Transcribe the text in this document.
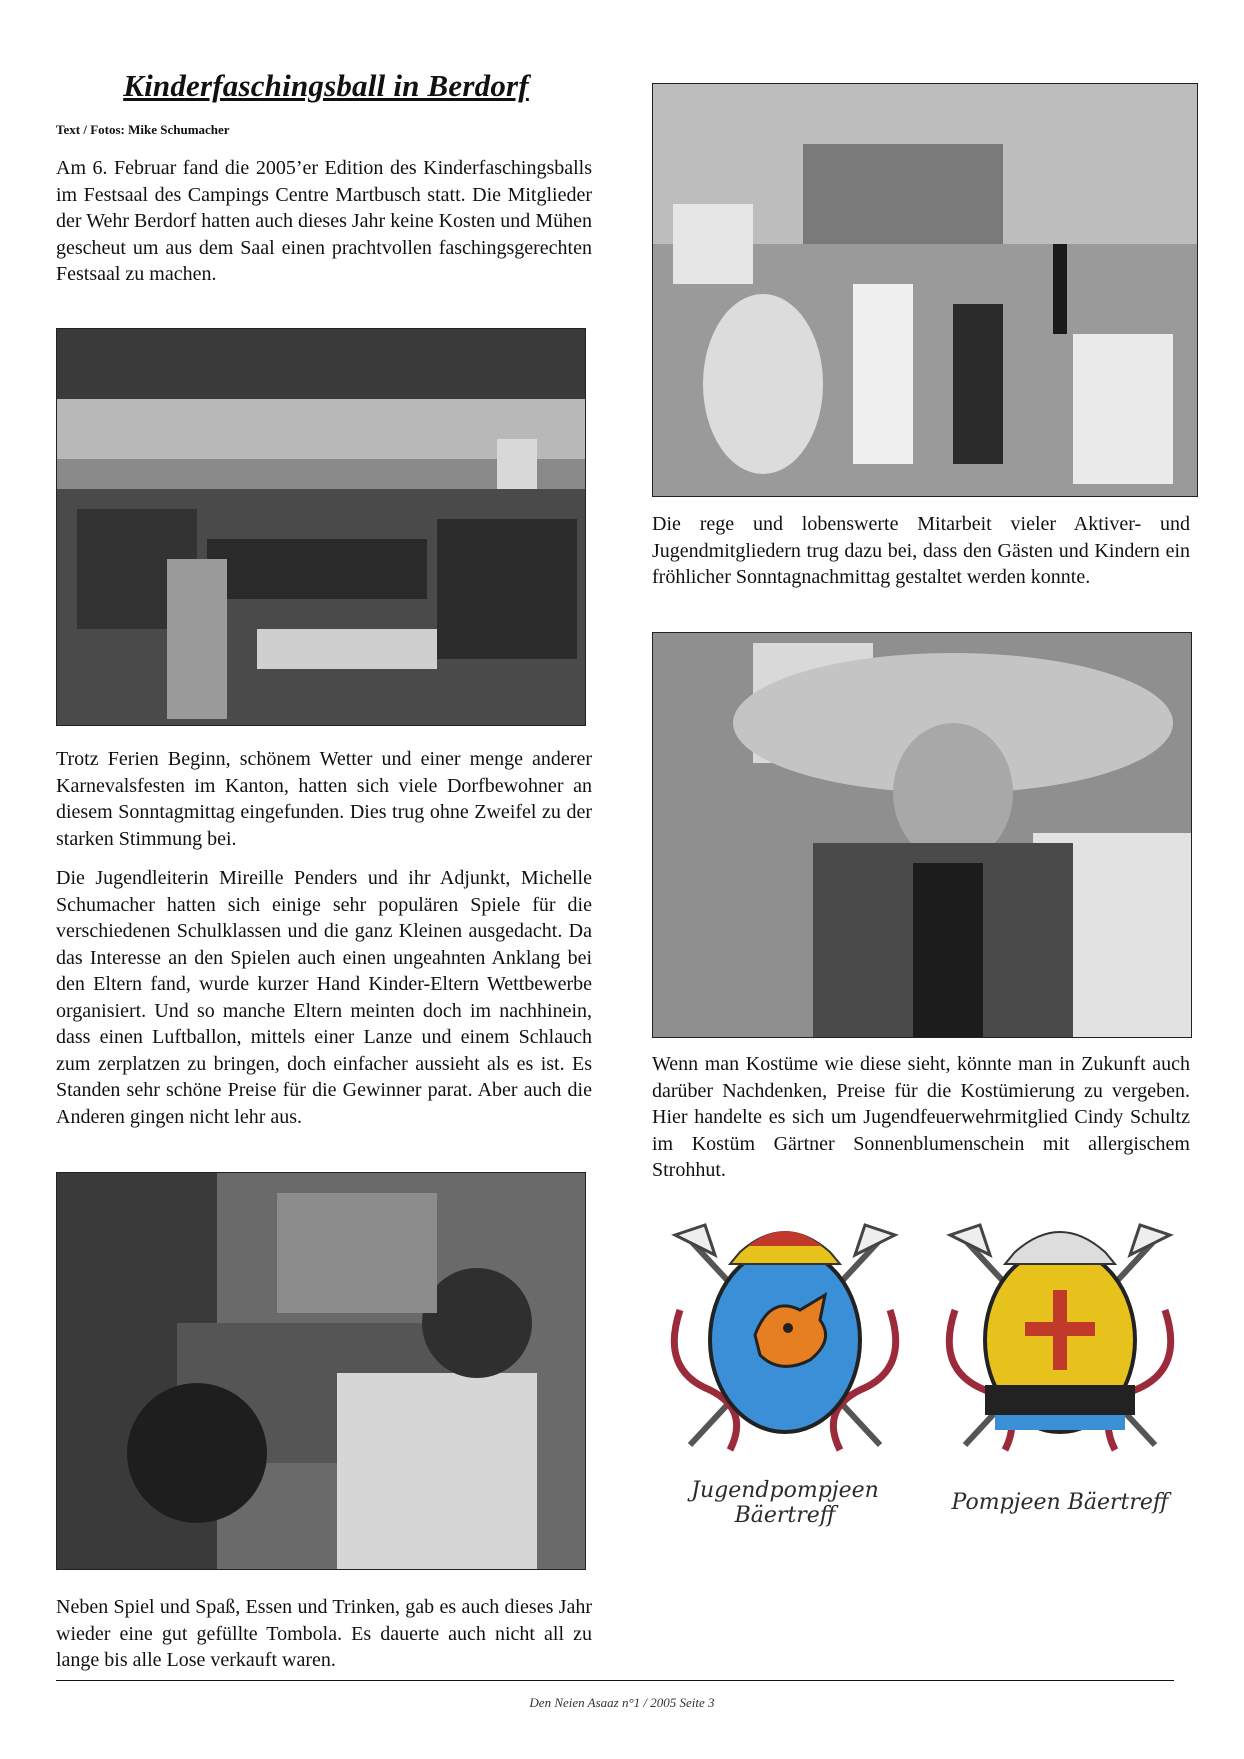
Kinderfaschingsball in Berdorf
Text / Fotos: Mike Schumacher

Am 6. Februar fand die 2005’er Edition des Kinderfaschingsballs im Festsaal des Campings Centre Martbusch statt. Die Mitglieder der Wehr Berdorf hatten auch dieses Jahr keine Kosten und Mühen gescheut um aus dem Saal einen prachtvollen faschingsgerechten Festsaal zu machen.

Trotz Ferien Beginn, schönem Wetter und einer menge anderer Karnevalsfesten im Kanton, hatten sich viele Dorfbewohner an diesem Sonntagmittag eingefunden. Dies trug ohne Zweifel zu der starken Stimmung bei.

Die Jugendleiterin Mireille Penders und ihr Adjunkt, Michelle Schumacher hatten sich einige sehr populären Spiele für die verschiedenen Schulklassen und die ganz Kleinen ausgedacht. Da das Interesse an den Spielen auch einen ungeahnten Anklang bei den Eltern fand, wurde kurzer Hand Kinder-Eltern Wettbewerbe organisiert. Und so manche Eltern meinten doch im nachhinein, dass einen Luftballon, mittels einer Lanze und einem Schlauch zum zerplatzen zu bringen, doch einfacher aussieht als es ist. Es Standen sehr schöne Preise für die Gewinner parat. Aber auch die Anderen gingen nicht lehr aus.

Neben Spiel und Spaß, Essen und Trinken, gab es auch dieses Jahr wieder eine gut gefüllte Tombola. Es dauerte auch nicht all zu lange bis alle Lose verkauft waren.

Die rege und lobenswerte Mitarbeit vieler Aktiver- und Jugendmitgliedern trug dazu bei, dass den Gästen und Kindern ein fröhlicher Sonntagnachmittag gestaltet werden konnte.

Wenn man Kostüme wie diese sieht, könnte man in Zukunft auch darüber Nachdenken, Preise für die Kostümierung zu vergeben. Hier handelte es sich um Jugendfeuerwehrmitglied Cindy Schultz im Kostüm Gärtner Sonnenblumenschein mit allergischem Strohhut.

Jugendpompjeen
Bäertreff
Pompjeen Bäertreff
Den Neien Asaaz n°1 / 2005 Seite 3
